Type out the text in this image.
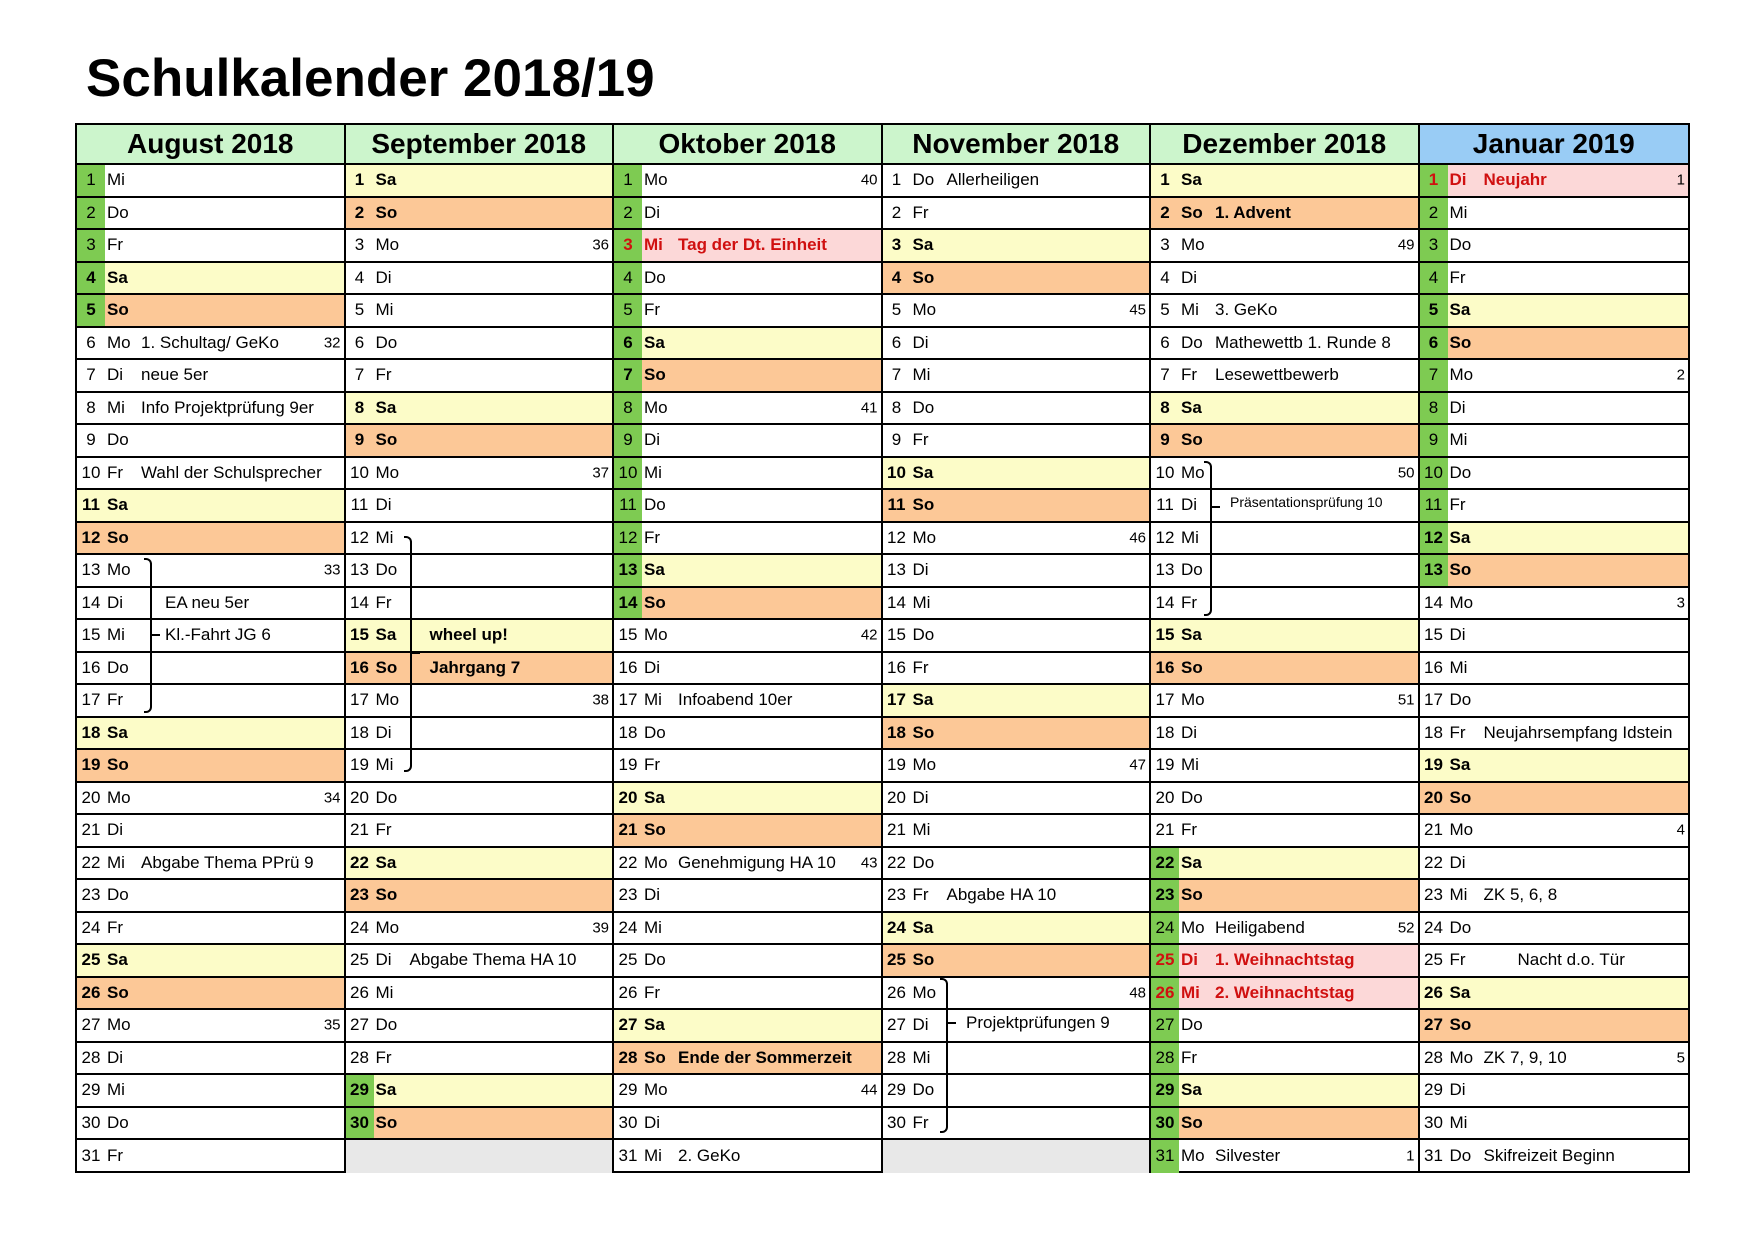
Schulkalender 2018/19
August 2018
1 Mi
2 Do
3 Fr
4 Sa
5 So
6 Mo 1. Schultag/ GeKo	32
7 Di	neue 5er
8 Mi Info Projektprüfung 9er
9 Do
10 Fr	Wahl der Schulsprecher
11 Sa
12 So
13 Mo	33
14 Di	EA neu 5er
15 Mi	Kl.-Fahrt JG 6
16 Do
17 Fr
18 Sa
19 So
20 Mo	34
21 Di
22 Mi Abgabe Thema PPrü 9
23 Do
24 Fr
25 Sa
26 So
27 Mo	35
28 Di
29 Mi
30 Do
31 Fr
September 2018
1 Sa
2 So
3 Mo	36
4 Di
5 Mi
6 Do
7 Fr
8 Sa
9 So
10 Mo	37
11 Di
12 Mi
13 Do
14 Fr
15 Sa	wheel up!
16 So	Jahrgang 7
17 Mo	38
18 Di
19 Mi
20 Do
21 Fr
22 Sa
23 So
24 Mo	39
25 Di	Abgabe Thema HA 10
26 Mi
27 Do
28 Fr
29 Sa
30 So
Oktober 2018
1 Mo	40
2 Di
3 Mi Tag der Dt. Einheit
4 Do
5 Fr
6 Sa
7 So
8 Mo	41
9 Di
10 Mi
11 Do
12 Fr
13 Sa
14 So
15 Mo	42
16 Di
17 Mi Infoabend 10er
18 Do
19 Fr
20 Sa
21 So
22 Mo Genehmigung HA 10	43
23 Di
24 Mi
25 Do
26 Fr
27 Sa
28 So Ende der Sommerzeit
29 Mo	44
30 Di
31 Mi 2. GeKo
November 2018
1 Do Allerheiligen
2 Fr
3 Sa
4 So
5 Mo	45
6 Di
7 Mi
8 Do
9 Fr
10 Sa
11 So
12 Mo	46
13 Di
14 Mi
15 Do
16 Fr
17 Sa
18 So
19 Mo	47
20 Di
21 Mi
22 Do
23 Fr	Abgabe HA 10
24 Sa
25 So
26 Mo	48
27 Di
28 Mi
29 Do
30 Fr
Dezember 2018
1 Sa
2 So 1. Advent
3 Mo	49
4 Di
5 Mi 3. GeKo
6 Do Mathewettb 1. Runde 8
7 Fr	Lesewettbewerb
8 Sa
9 So
10 Mo	50
11 Di
12 Mi
13 Do
14 Fr
15 Sa
16 So
17 Mo	51
18 Di
19 Mi
20 Do
21 Fr
22 Sa
23 So
24 Mo Heiligabend	52
25 Di	1. Weihnachtstag
26 Mi 2. Weihnachtstag
27 Do
28 Fr
29 Sa
30 So
31 Mo Silvester	1
Januar 2019
1 Di	Neujahr	1
2 Mi
3 Do
4 Fr
5 Sa
6 So
7 Mo	2
8 Di
9 Mi
10 Do
11 Fr
12 Sa
13 So
14 Mo	3
15 Di
16 Mi
17 Do
18 Fr	Neujahrsempfang Idstein
19 Sa
20 So
21 Mo	4
22 Di
23 Mi ZK 5, 6, 8
24 Do
25 Fr	Nacht d.o. Tür
26 Sa
27 So
28 Mo ZK 7, 9, 10	5
29 Di
30 Mi
31 Do Skifreizeit Beginn
Projektprüfungen 9
Präsentationsprüfung 10
